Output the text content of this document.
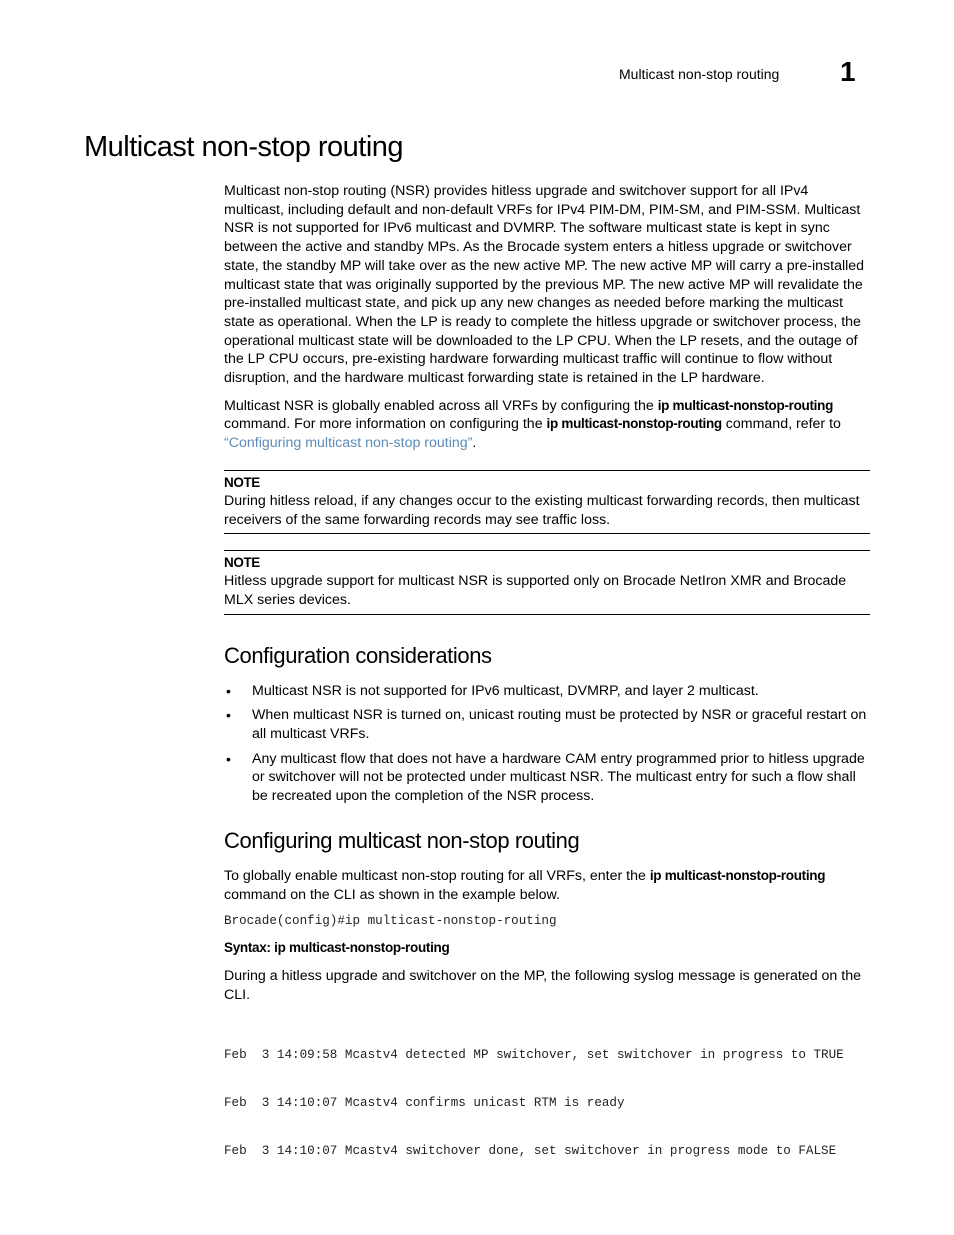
Multicast non-stop routing 1
Multicast non-stop routing

Multicast non-stop routing (NSR) provides hitless upgrade and switchover support for all IPv4 multicast, including default and non-default VRFs for IPv4 PIM-DM, PIM-SM, and PIM-SSM. Multicast NSR is not supported for IPv6 multicast and DVMRP. The software multicast state is kept in sync between the active and standby MPs. As the Brocade system enters a hitless upgrade or switchover state, the standby MP will take over as the new active MP. The new active MP will carry a pre-installed multicast state that was originally supported by the previous MP. The new active MP will revalidate the pre-installed multicast state, and pick up any new changes as needed before marking the multicast state as operational. When the LP is ready to complete the hitless upgrade or switchover process, the operational multicast state will be downloaded to the LP CPU. When the LP resets, and the outage of the LP CPU occurs, pre-existing hardware forwarding multicast traffic will continue to flow without disruption, and the hardware multicast forwarding state is retained in the LP hardware.

Multicast NSR is globally enabled across all VRFs by configuring the ip multicast-nonstop-routing command. For more information on configuring the ip multicast-nonstop-routing command, refer to “Configuring multicast non-stop routing”.

NOTE
During hitless reload, if any changes occur to the existing multicast forwarding records, then multicast receivers of the same forwarding records may see traffic loss.
NOTE
Hitless upgrade support for multicast NSR is supported only on Brocade NetIron XMR and Brocade MLX series devices.
Configuration considerations
• Multicast NSR is not supported for IPv6 multicast, DVMRP, and layer 2 multicast.
• When multicast NSR is turned on, unicast routing must be protected by NSR or graceful restart on all multicast VRFs.
• Any multicast flow that does not have a hardware CAM entry programmed prior to hitless upgrade or switchover will not be protected under multicast NSR. The multicast entry for such a flow shall be recreated upon the completion of the NSR process.
Configuring multicast non-stop routing

To globally enable multicast non-stop routing for all VRFs, enter the ip multicast-nonstop-routing command on the CLI as shown in the example below.

Brocade(config)#ip multicast-nonstop-routing
Syntax: ip multicast-nonstop-routing

During a hitless upgrade and switchover on the MP, the following syslog message is generated on the CLI.

Feb  3 14:09:58 Mcastv4 detected MP switchover, set switchover in progress to TRUE

Feb  3 14:10:07 Mcastv4 confirms unicast RTM is ready

Feb  3 14:10:07 Mcastv4 switchover done, set switchover in progress mode to FALSE
